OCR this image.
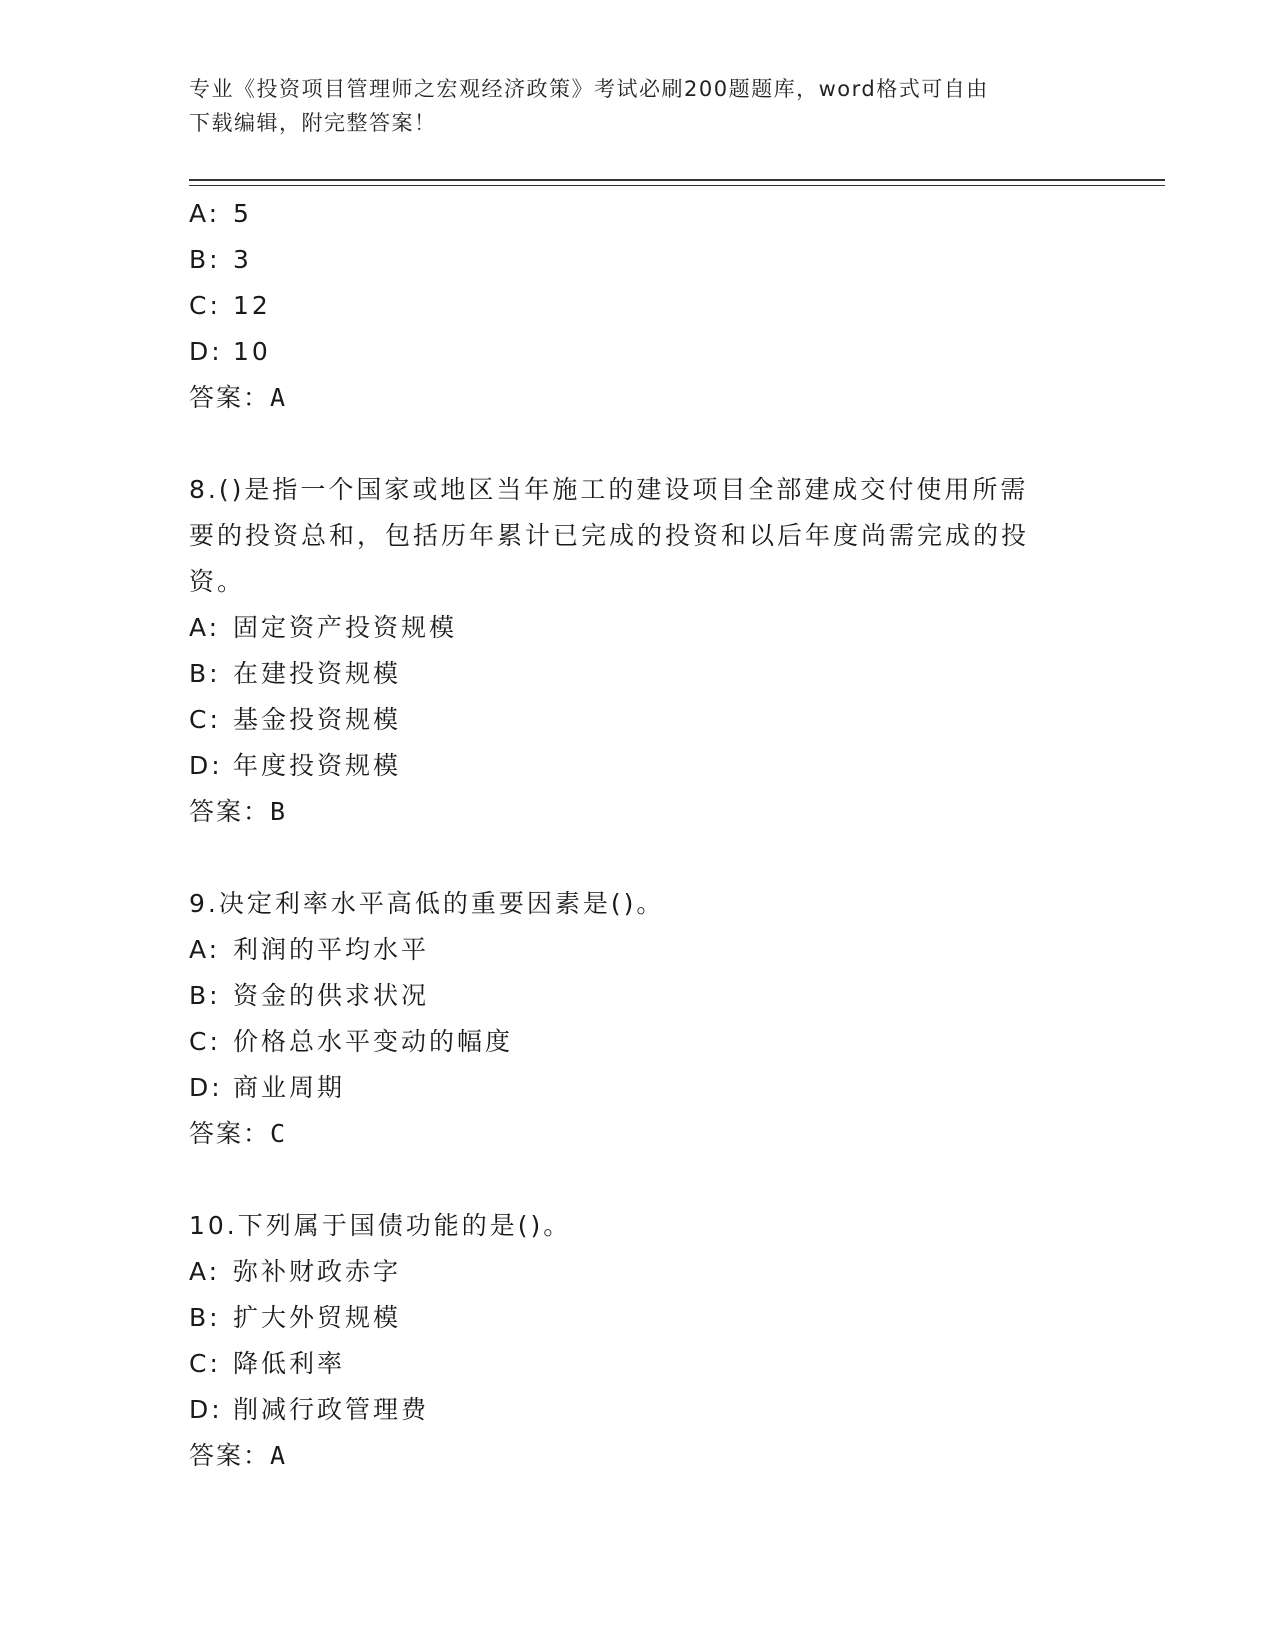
专业《投资项目管理师之宏观经济政策》考试必刷200题题库，word格式可自由
下载编辑，附完整答案！
A: 5
B: 3
C: 12
D: 10
答案：A
8.()是指一个国家或地区当年施工的建设项目全部建成交付使用所需
要的投资总和，包括历年累计已完成的投资和以后年度尚需完成的投
资。
A: 固定资产投资规模
B: 在建投资规模
C: 基金投资规模
D: 年度投资规模
答案：B
9.决定利率水平高低的重要因素是()。
A: 利润的平均水平
B: 资金的供求状况
C: 价格总水平变动的幅度
D: 商业周期
答案：C
10.下列属于国债功能的是()。
A: 弥补财政赤字
B: 扩大外贸规模
C: 降低利率
D: 削减行政管理费
答案：A
